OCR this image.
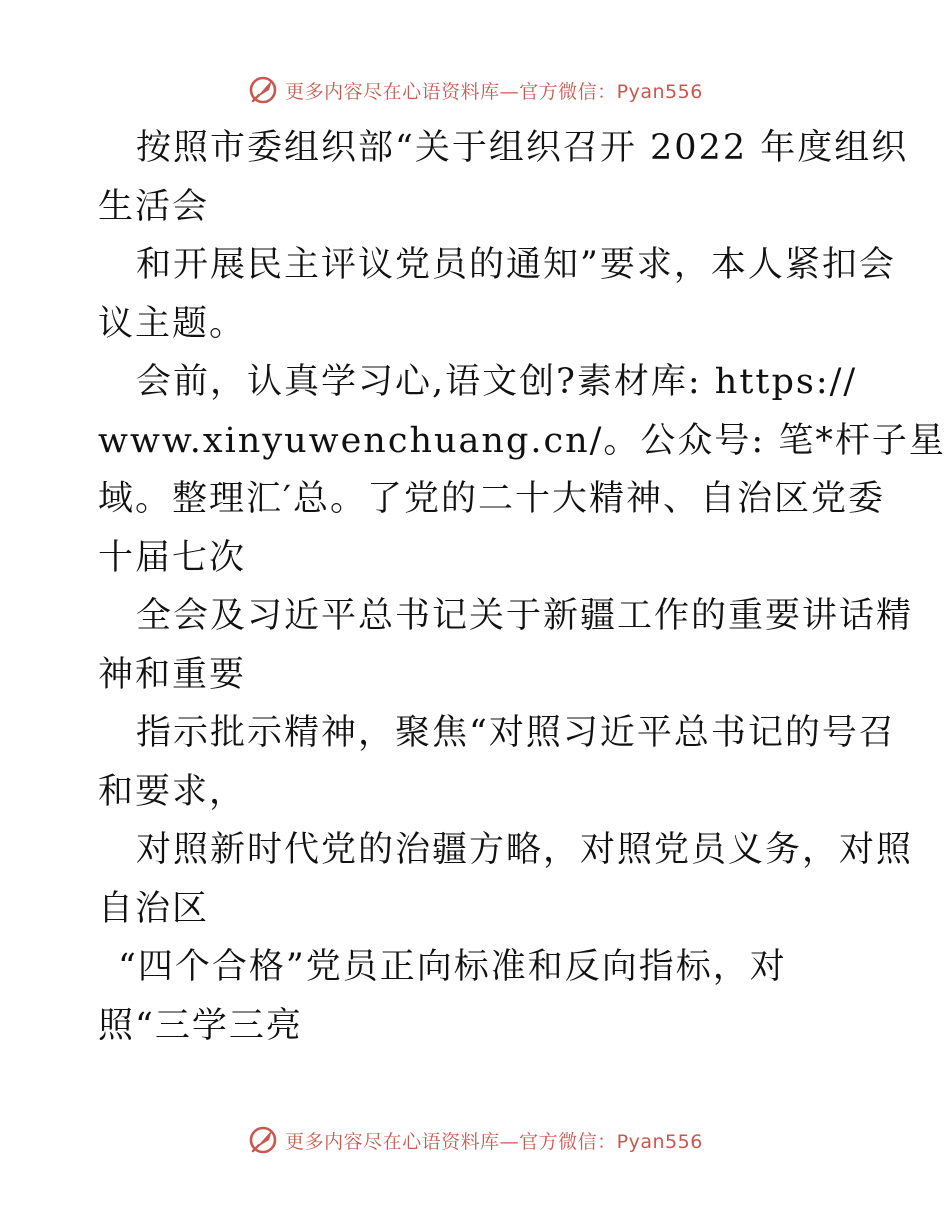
更多内容尽在心语资料库—官方微信：Pyan556
按照市委组织部“关于组织召开 2022 年度组织
生活会
和开展民主评议党员的通知”要求，本人紧扣会
议主题。
会前，认真学习心,语文创?素材库: https://
www.xinyuwenchuang.cn/。公众号: 笔*杆子星
域。整理汇′总。了党的二十大精神、自治区党委
十届七次
全会及习近平总书记关于新疆工作的重要讲话精
神和重要
指示批示精神，聚焦“对照习近平总书记的号召
和要求，
对照新时代党的治疆方略，对照党员义务，对照
自治区
“四个合格”党员正向标准和反向指标，对
照“三学三亮
更多内容尽在心语资料库—官方微信：Pyan556
